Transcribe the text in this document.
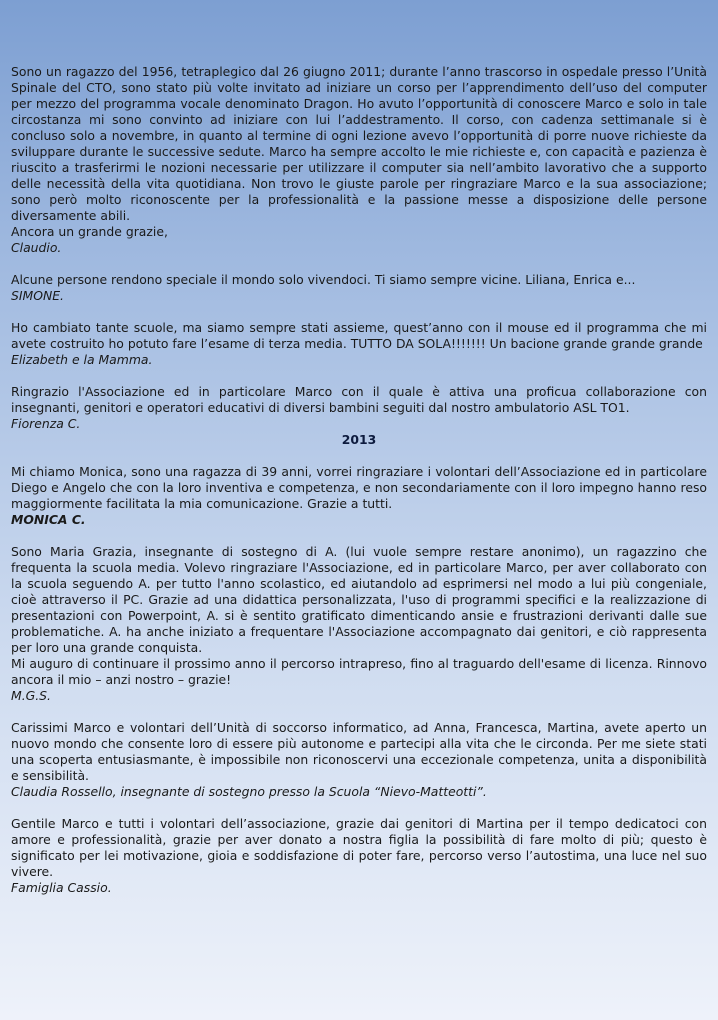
Sono un ragazzo del 1956, tetraplegico dal 26 giugno 2011; durante l’anno trascorso in ospedale presso l’Unità Spinale del CTO, sono stato più volte invitato ad iniziare un corso per l’apprendimento dell’uso del computer per mezzo del programma vocale denominato Dragon. Ho avuto l’opportunità di conoscere Marco e solo in tale circostanza mi sono convinto ad iniziare con lui l’addestramento. Il corso, con cadenza settimanale si è concluso solo a novembre, in quanto al termine di ogni lezione avevo l’opportunità di porre nuove richieste da sviluppare durante le successive sedute. Marco ha sempre accolto le mie richieste e, con capacità e pazienza è riuscito a trasferirmi le nozioni necessarie per utilizzare il computer sia nell’ambito lavorativo che a supporto delle necessità della vita quotidiana. Non trovo le giuste parole per ringraziare Marco e la sua associazione; sono però molto riconoscente per la professionalità e la passione messe a disposizione delle persone diversamente abili.

Ancora un grande grazie,

Claudio.

Alcune persone rendono speciale il mondo solo vivendoci. Ti siamo sempre vicine. Liliana, Enrica e...

SIMONE.

Ho cambiato tante scuole, ma siamo sempre stati assieme, quest’anno con il mouse ed il programma che mi avete costruito ho potuto fare l’esame di terza media. TUTTO DA SOLA!!!!!!! Un bacione grande grande grande

Elizabeth e la Mamma.

Ringrazio l'Associazione ed in particolare Marco con il quale è attiva una proficua collaborazione con insegnanti, genitori e operatori educativi di diversi bambini seguiti dal nostro ambulatorio ASL TO1.

Fiorenza C.
2013

Mi chiamo Monica, sono una ragazza di 39 anni, vorrei ringraziare i volontari dell’Associazione ed in particolare Diego e Angelo che con la loro inventiva e competenza, e non secondariamente con il loro impegno hanno reso maggiormente facilitata la mia comunicazione. Grazie a tutti.

MONICA C.

Sono Maria Grazia, insegnante di sostegno di A. (lui vuole sempre restare anonimo), un ragazzino che frequenta la scuola media. Volevo ringraziare l'Associazione, ed in particolare Marco, per aver collaborato con la scuola seguendo A. per tutto l'anno scolastico, ed aiutandolo ad esprimersi nel modo a lui più congeniale, cioè attraverso il PC. Grazie ad una didattica personalizzata, l'uso di programmi specifici e la realizzazione di presentazioni con Powerpoint, A. si è sentito gratificato dimenticando ansie e frustrazioni derivanti dalle sue problematiche. A. ha anche iniziato a frequentare l'Associazione accompagnato dai genitori, e ciò rappresenta per loro una grande conquista.

Mi auguro di continuare il prossimo anno il percorso intrapreso, fino al traguardo dell'esame di licenza. Rinnovo ancora il mio – anzi nostro – grazie!

M.G.S.

Carissimi Marco e volontari dell’Unità di soccorso informatico, ad Anna, Francesca, Martina, avete aperto un nuovo mondo che consente loro di essere più autonome e partecipi alla vita che le circonda. Per me siete stati una scoperta entusiasmante, è impossibile non riconoscervi una eccezionale competenza, unita a disponibilità e sensibilità.

Claudia Rossello, insegnante di sostegno presso la Scuola “Nievo-Matteotti”.

Gentile Marco e tutti i volontari dell’associazione, grazie dai genitori di Martina per il tempo dedicatoci con amore e professionalità, grazie per aver donato a nostra figlia la possibilità di fare molto di più; questo è significato per lei motivazione, gioia e soddisfazione di poter fare, percorso verso l’autostima, una luce nel suo vivere.

Famiglia Cassio.
